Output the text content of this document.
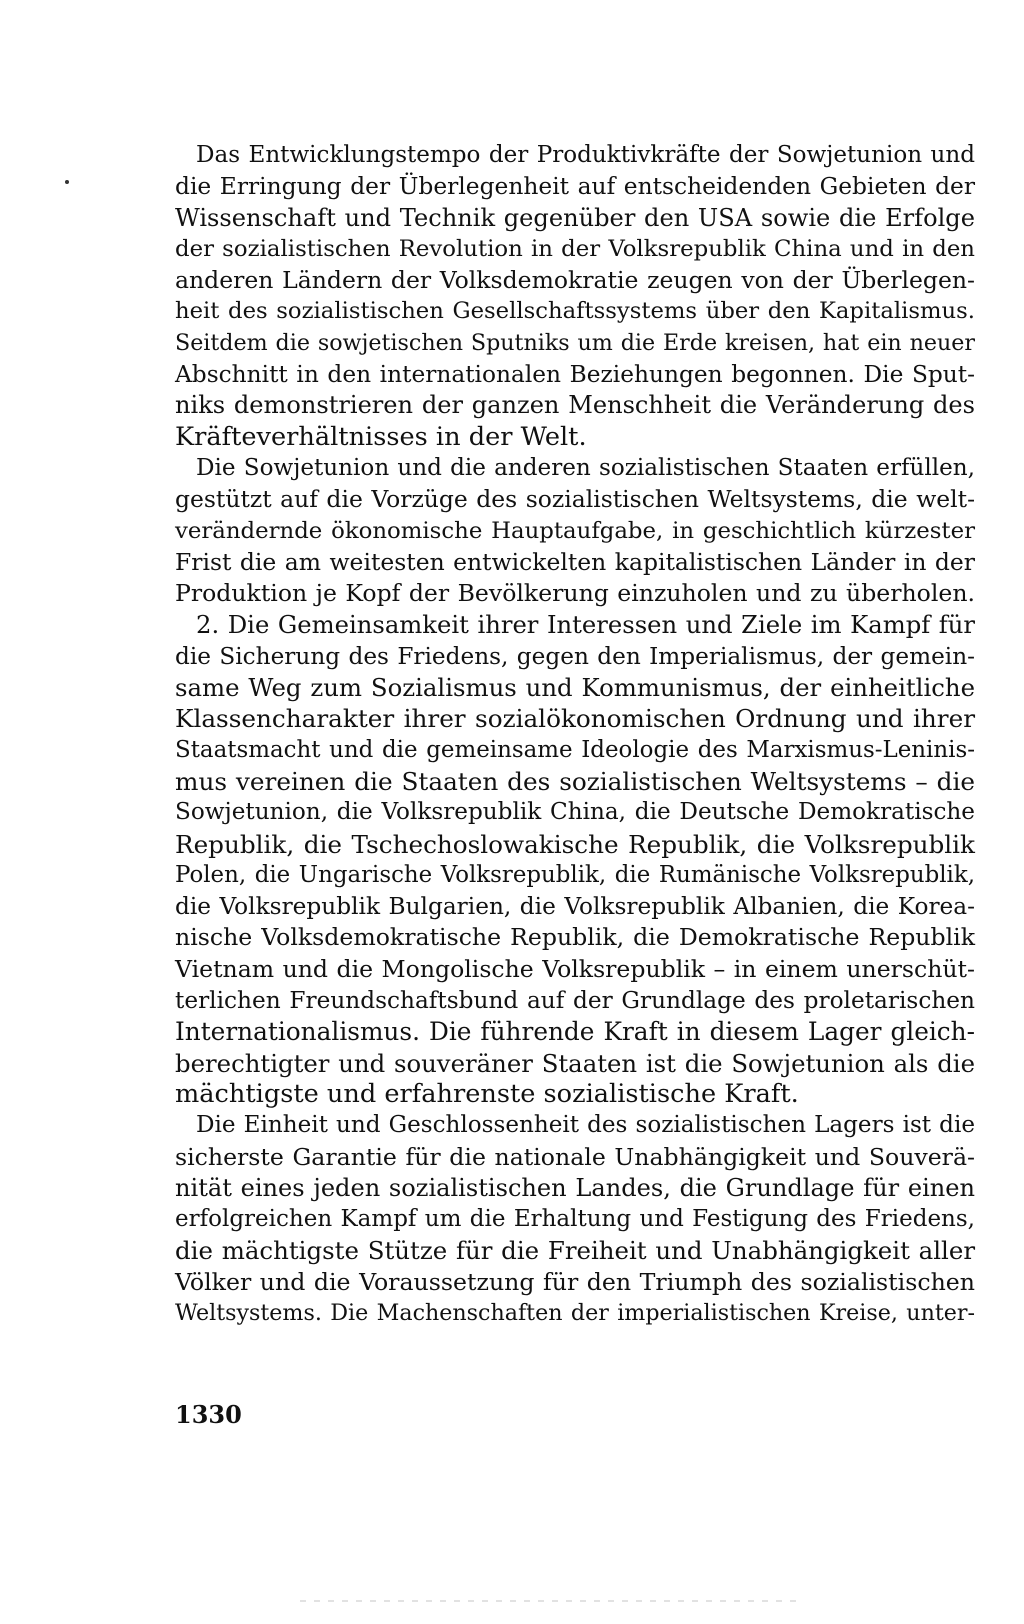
Das Entwicklungstempo der Produktivkräfte der Sowjetunion und
die Erringung der Überlegenheit auf entscheidenden Gebieten der
Wissenschaft und Technik gegenüber den USA sowie die Erfolge
der sozialistischen Revolution in der Volksrepublik China und in den
anderen Ländern der Volksdemokratie zeugen von der Überlegen-
heit des sozialistischen Gesellschaftssystems über den Kapitalismus.
Seitdem die sowjetischen Sputniks um die Erde kreisen, hat ein neuer
Abschnitt in den internationalen Beziehungen begonnen. Die Sput-
niks demonstrieren der ganzen Menschheit die Veränderung des
Kräfteverhältnisses in der Welt.
Die Sowjetunion und die anderen sozialistischen Staaten erfüllen,
gestützt auf die Vorzüge des sozialistischen Weltsystems, die welt-
verändernde ökonomische Hauptaufgabe, in geschichtlich kürzester
Frist die am weitesten entwickelten kapitalistischen Länder in der
Produktion je Kopf der Bevölkerung einzuholen und zu überholen.
2. Die Gemeinsamkeit ihrer Interessen und Ziele im Kampf für
die Sicherung des Friedens, gegen den Imperialismus, der gemein-
same Weg zum Sozialismus und Kommunismus, der einheitliche
Klassencharakter ihrer sozialökonomischen Ordnung und ihrer
Staatsmacht und die gemeinsame Ideologie des Marxismus-Leninis-
mus vereinen die Staaten des sozialistischen Weltsystems – die
Sowjetunion, die Volksrepublik China, die Deutsche Demokratische
Republik, die Tschechoslowakische Republik, die Volksrepublik
Polen, die Ungarische Volksrepublik, die Rumänische Volksrepublik,
die Volksrepublik Bulgarien, die Volksrepublik Albanien, die Korea-
nische Volksdemokratische Republik, die Demokratische Republik
Vietnam und die Mongolische Volksrepublik – in einem unerschüt-
terlichen Freundschaftsbund auf der Grundlage des proletarischen
Internationalismus. Die führende Kraft in diesem Lager gleich-
berechtigter und souveräner Staaten ist die Sowjetunion als die
mächtigste und erfahrenste sozialistische Kraft.
Die Einheit und Geschlossenheit des sozialistischen Lagers ist die
sicherste Garantie für die nationale Unabhängigkeit und Souverä-
nität eines jeden sozialistischen Landes, die Grundlage für einen
erfolgreichen Kampf um die Erhaltung und Festigung des Friedens,
die mächtigste Stütze für die Freiheit und Unabhängigkeit aller
Völker und die Voraussetzung für den Triumph des sozialistischen
Weltsystems. Die Machenschaften der imperialistischen Kreise, unter-
1330
